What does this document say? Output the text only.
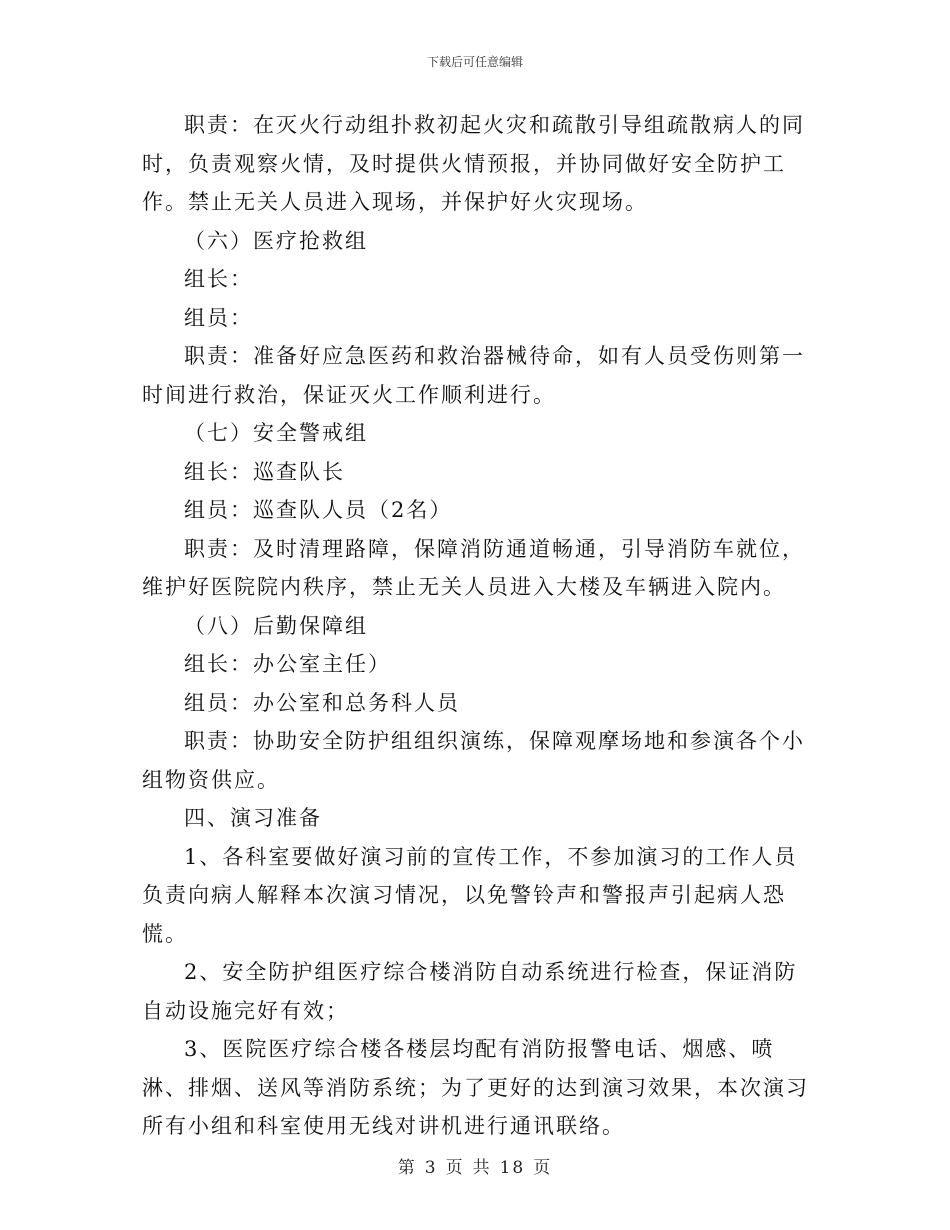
下载后可任意编辑

职责：在灭火行动组扑救初起火灾和疏散引导组疏散病人的同时，负责观察火情，及时提供火情预报，并协同做好安全防护工作。禁止无关人员进入现场，并保护好火灾现场。

（六）医疗抢救组

组长：

组员：

职责：准备好应急医药和救治器械待命，如有人员受伤则第一时间进行救治，保证灭火工作顺利进行。

（七）安全警戒组

组长：巡查队长

组员：巡查队人员（2名）

职责：及时清理路障，保障消防通道畅通，引导消防车就位，维护好医院院内秩序，禁止无关人员进入大楼及车辆进入院内。

（八）后勤保障组

组长：办公室主任）

组员：办公室和总务科人员

职责：协助安全防护组组织演练，保障观摩场地和参演各个小组物资供应。

四、演习准备

1、各科室要做好演习前的宣传工作，不参加演习的工作人员负责向病人解释本次演习情况，以免警铃声和警报声引起病人恐慌。

2、安全防护组医疗综合楼消防自动系统进行检查，保证消防自动设施完好有效；

3、医院医疗综合楼各楼层均配有消防报警电话、烟感、喷淋、排烟、送风等消防系统；为了更好的达到演习效果，本次演习所有小组和科室使用无线对讲机进行通讯联络。

第 3 页 共 18 页
